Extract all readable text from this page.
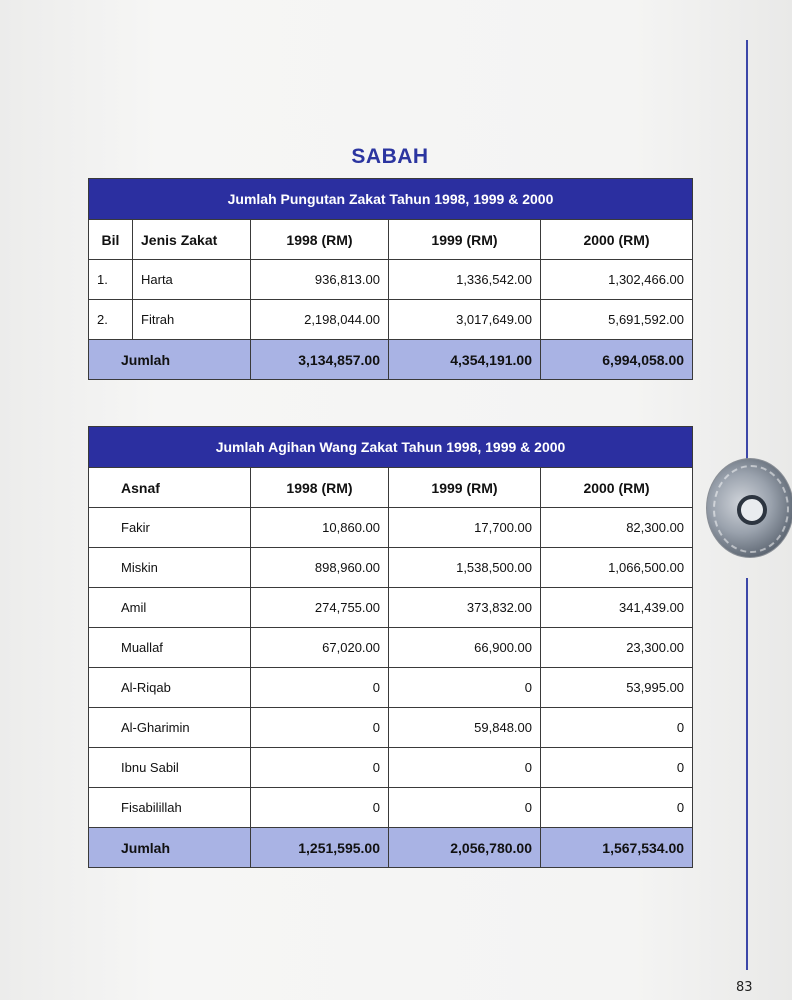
SABAH
Jumlah Pungutan Zakat Tahun 1998, 1999 & 2000				
Bil	Jenis Zakat	1998 (RM)	1999 (RM)	2000 (RM)
1.	Harta	936,813.00	1,336,542.00	1,302,466.00
2.	Fitrah	2,198,044.00	3,017,649.00	5,691,592.00
Jumlah		3,134,857.00	4,354,191.00	6,994,058.00
Jumlah Agihan Wang Zakat Tahun 1998, 1999 & 2000			
Asnaf	1998 (RM)	1999 (RM)	2000 (RM)
Fakir	10,860.00	17,700.00	82,300.00
Miskin	898,960.00	1,538,500.00	1,066,500.00
Amil	274,755.00	373,832.00	341,439.00
Muallaf	67,020.00	66,900.00	23,300.00
Al-Riqab	0	0	53,995.00
Al-Gharimin	0	59,848.00	0
Ibnu Sabil	0	0	0
Fisabilillah	0	0	0
Jumlah	1,251,595.00	2,056,780.00	1,567,534.00
83
